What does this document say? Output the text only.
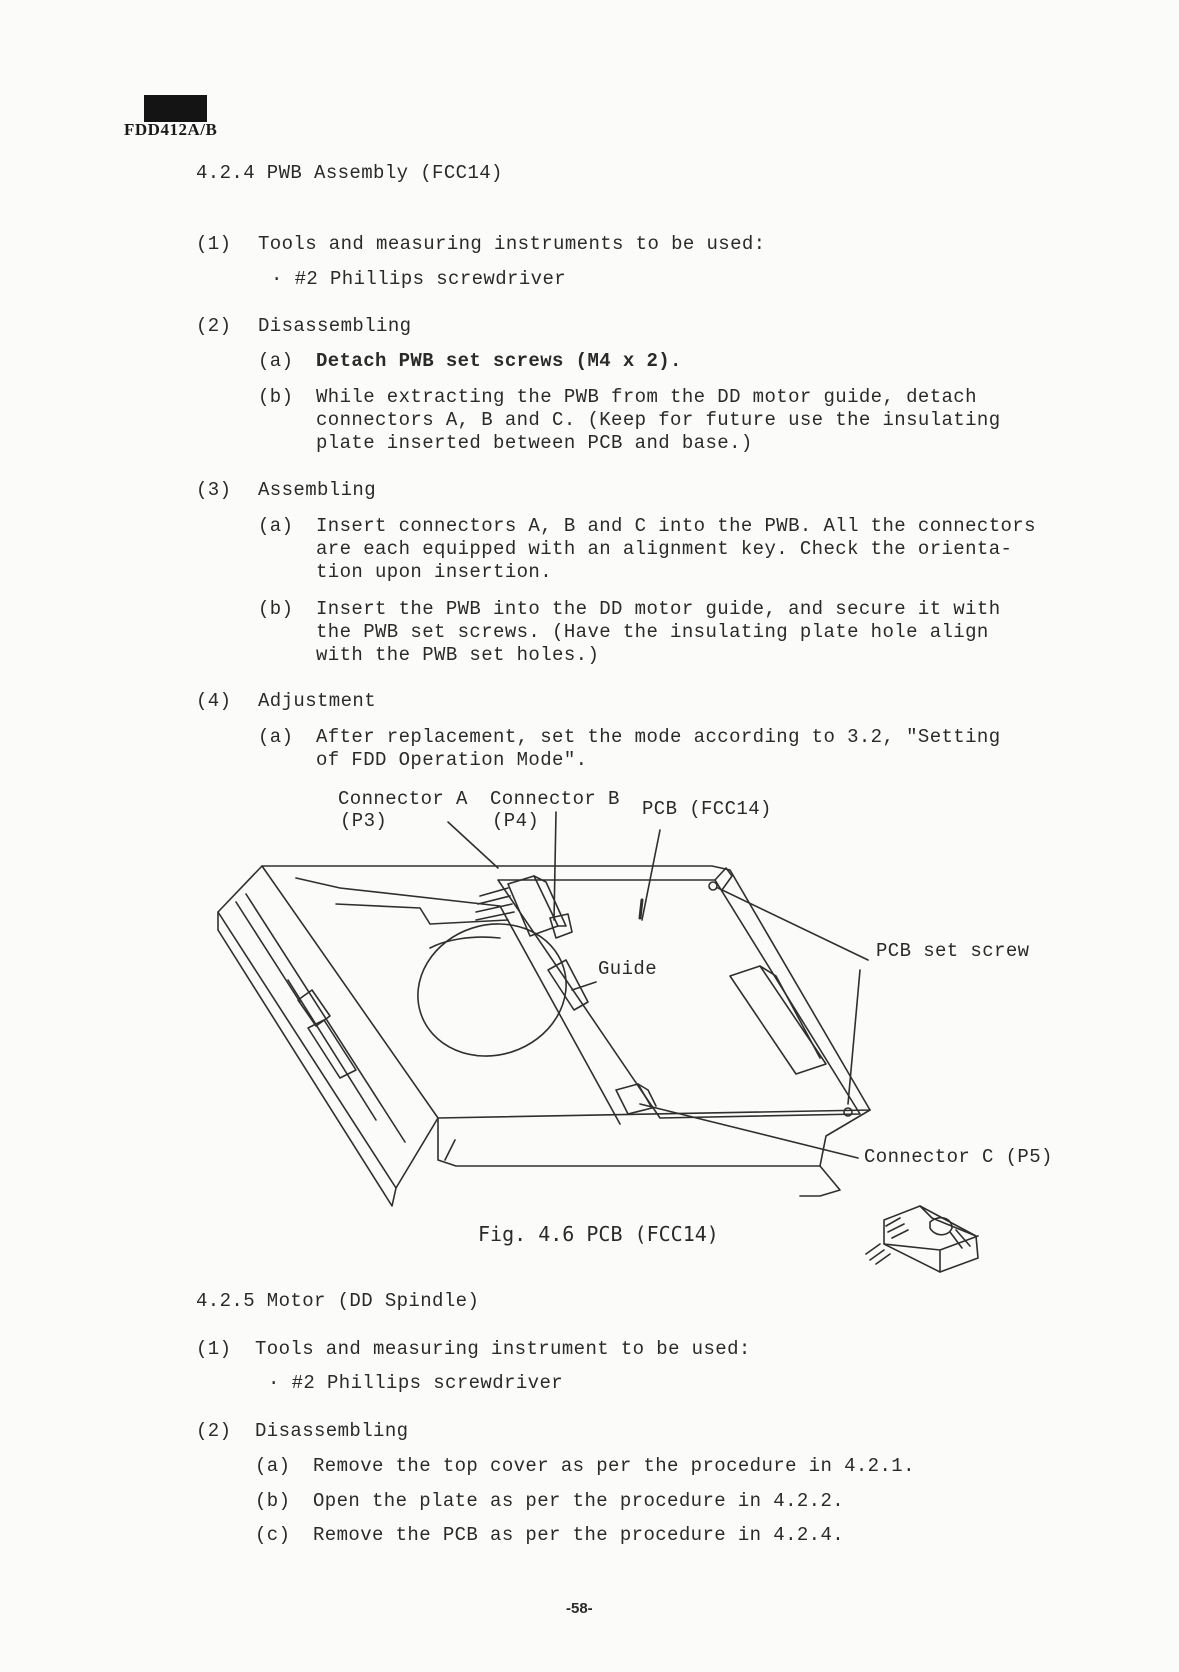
FDD412A/B
4.2.4 PWB Assembly (FCC14)
(1) Tools and measuring instruments to be used:
· #2 Phillips screwdriver
(2) Disassembling
(a) Detach PWB set screws (M4 x 2).
(b) While extracting the PWB from the DD motor guide, detach
connectors A, B and C. (Keep for future use the insulating
plate inserted between PCB and base.)
(3) Assembling
(a) Insert connectors A, B and C into the PWB. All the connectors
are each equipped with an alignment key. Check the orienta-
tion upon insertion.
(b) Insert the PWB into the DD motor guide, and secure it with
the PWB set screws. (Have the insulating plate hole align
with the PWB set holes.)
(4) Adjustment
(a) After replacement, set the mode according to 3.2, "Setting
of FDD Operation Mode".
Connector A
(P3)
Connector B
(P4)
PCB (FCC14)
Guide
PCB set screw
Connector C (P5)
Fig. 4.6 PCB (FCC14)
4.2.5 Motor (DD Spindle)
(1) Tools and measuring instrument to be used:
· #2 Phillips screwdriver
(2) Disassembling
(a) Remove the top cover as per the procedure in 4.2.1.
(b) Open the plate as per the procedure in 4.2.2.
(c) Remove the PCB as per the procedure in 4.2.4.
-58-
